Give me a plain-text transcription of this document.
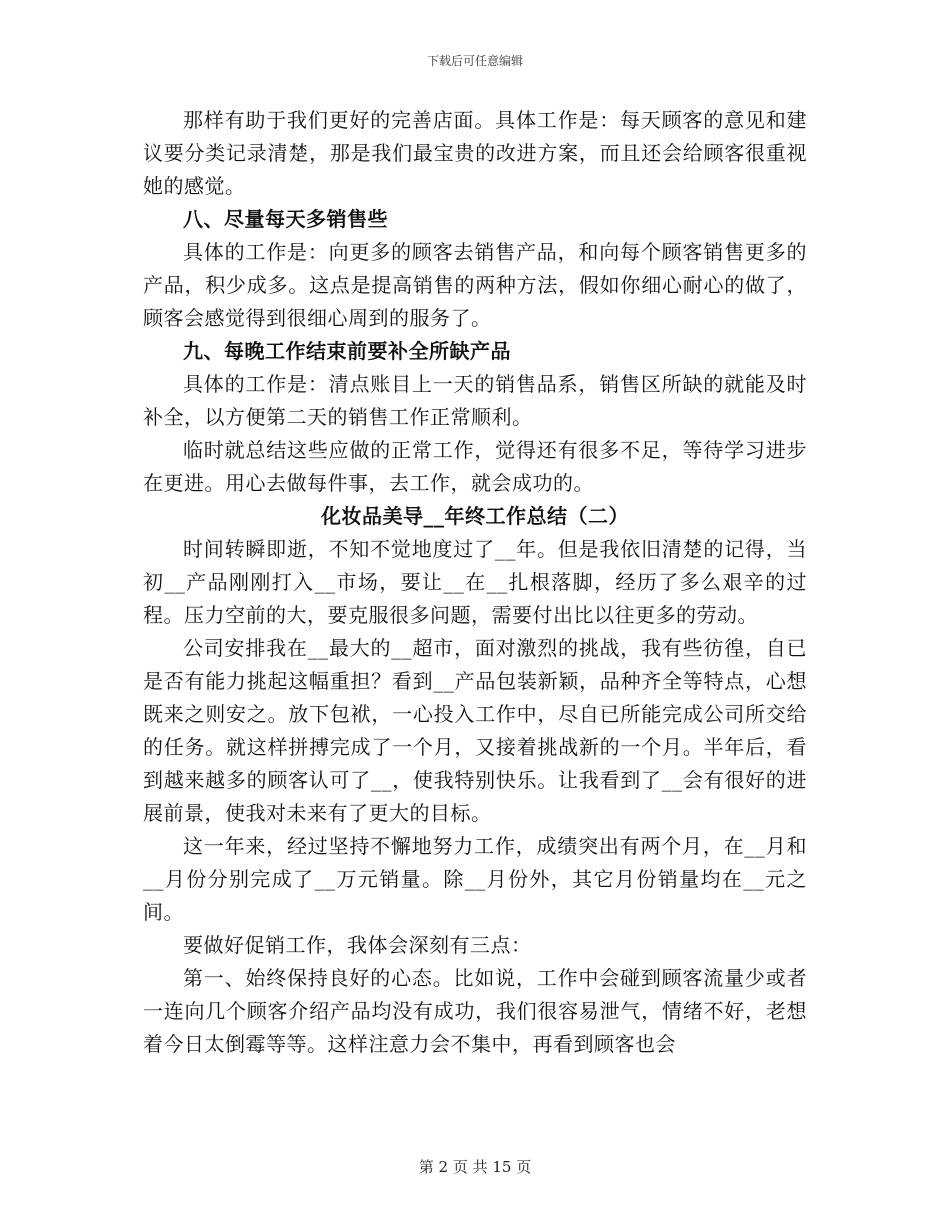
下载后可任意编辑

那样有助于我们更好的完善店面。具体工作是：每天顾客的意见和建议要分类记录清楚，那是我们最宝贵的改进方案，而且还会给顾客很重视她的感觉。

八、尽量每天多销售些

具体的工作是：向更多的顾客去销售产品，和向每个顾客销售更多的产品，积少成多。这点是提高销售的两种方法，假如你细心耐心的做了，顾客会感觉得到很细心周到的服务了。

九、每晚工作结束前要补全所缺产品

具体的工作是：清点账目上一天的销售品系，销售区所缺的就能及时补全，以方便第二天的销售工作正常顺利。

临时就总结这些应做的正常工作，觉得还有很多不足，等待学习进步在更进。用心去做每件事，去工作，就会成功的。

化妆品美导__年终工作总结（二）

时间转瞬即逝，不知不觉地度过了__年。但是我依旧清楚的记得，当初__产品刚刚打入__市场，要让__在__扎根落脚，经历了多么艰辛的过程。压力空前的大，要克服很多问题，需要付出比以往更多的劳动。

公司安排我在__最大的__超市，面对激烈的挑战，我有些彷徨，自已是否有能力挑起这幅重担？看到__产品包装新颖，品种齐全等特点，心想既来之则安之。放下包袱，一心投入工作中，尽自已所能完成公司所交给的任务。就这样拼搏完成了一个月，又接着挑战新的一个月。半年后，看到越来越多的顾客认可了__，使我特别快乐。让我看到了__会有很好的进展前景，使我对未来有了更大的目标。

这一年来，经过坚持不懈地努力工作，成绩突出有两个月，在__月和__月份分别完成了__万元销量。除__月份外，其它月份销量均在__元之间。

要做好促销工作，我体会深刻有三点：

第一、始终保持良好的心态。比如说，工作中会碰到顾客流量少或者一连向几个顾客介绍产品均没有成功，我们很容易泄气，情绪不好，老想着今日太倒霉等等。这样注意力会不集中，再看到顾客也会

第 2 页 共 15 页
